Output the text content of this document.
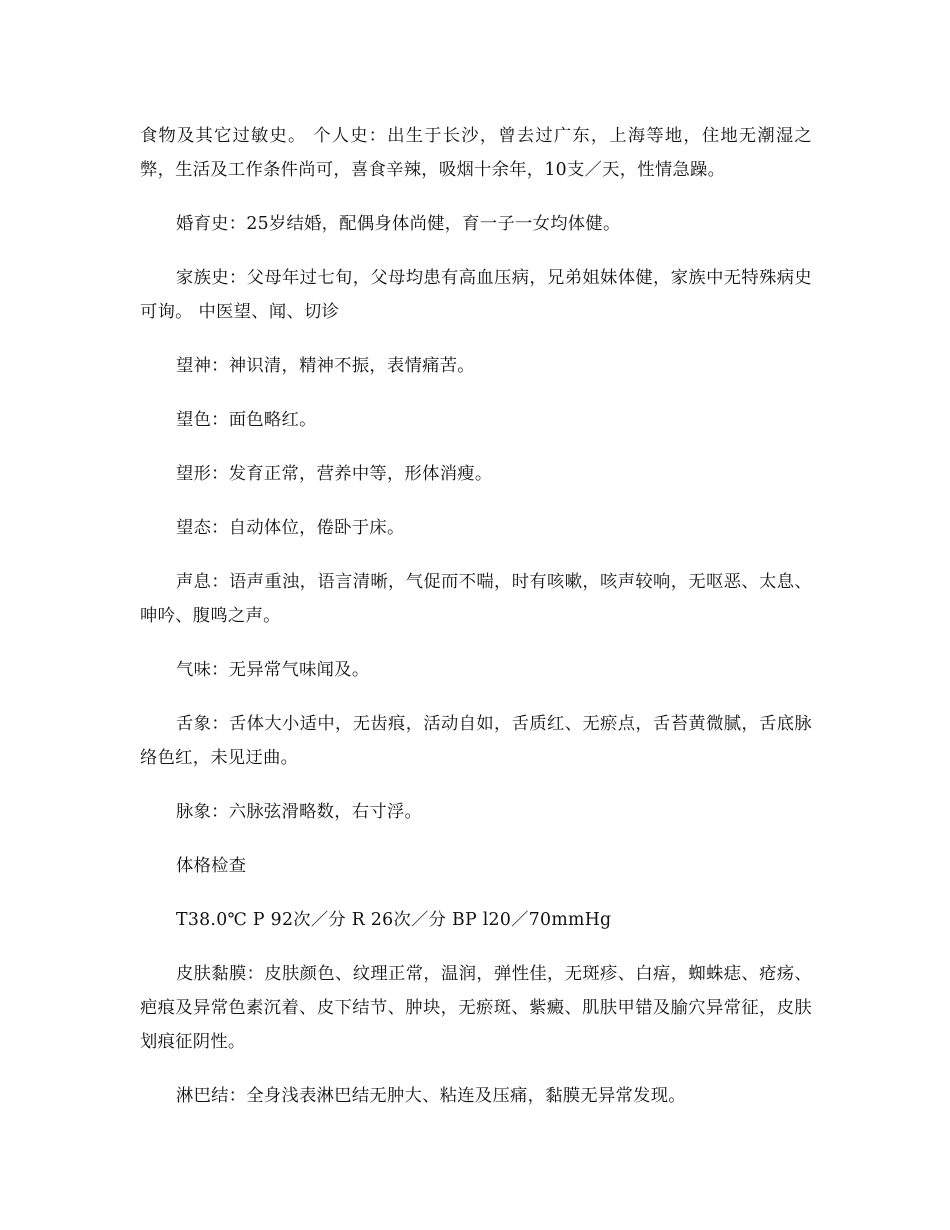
食物及其它过敏史。 个人史：出生于长沙，曾去过广东，上海等地，住地无潮湿之弊，生活及工作条件尚可，喜食辛辣，吸烟十余年，10支／天，性情急躁。

婚育史：25岁结婚，配偶身体尚健，育一子一女均体健。

家族史：父母年过七旬，父母均患有高血压病，兄弟姐妹体健，家族中无特殊病史可询。 中医望、闻、切诊

望神：神识清，精神不振，表情痛苦。

望色：面色略红。

望形：发育正常，营养中等，形体消瘦。

望态：自动体位，倦卧于床。

声息：语声重浊，语言清晰，气促而不喘，时有咳嗽，咳声较响，无呕恶、太息、呻吟、腹鸣之声。

气味：无异常气味闻及。

舌象：舌体大小适中，无齿痕，活动自如，舌质红、无瘀点，舌苔黄微腻，舌底脉络色红，未见迂曲。

脉象：六脉弦滑略数，右寸浮。

体格检查

T38.0℃ P 92次／分 R 26次／分 BP l20／70mmHg

皮肤黏膜：皮肤颜色、纹理正常，温润，弹性佳，无斑疹、白痦，蜘蛛痣、疮疡、疤痕及异常色素沉着、皮下结节、肿块，无瘀斑、紫癜、肌肤甲错及腧穴异常征，皮肤划痕征阴性。

淋巴结：全身浅表淋巴结无肿大、粘连及压痛，黏膜无异常发现。
